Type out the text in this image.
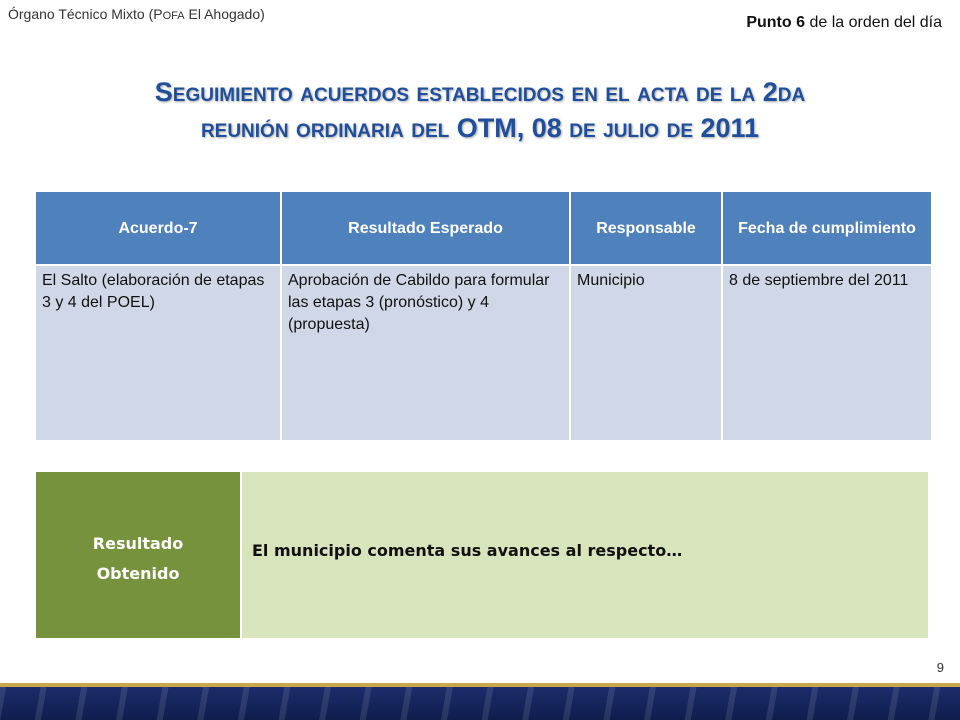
Órgano Técnico Mixto (POFA El Ahogado)	Punto 6 de la orden del día
Seguimiento acuerdos establecidos en el acta de la 2da
reunión ordinaria del OTM, 08 de julio de 2011
Acuerdo-7	Resultado Esperado	Responsable	Fecha de cumplimiento
El Salto (elaboración de etapas 3 y 4 del POEL)	Aprobación de Cabildo para formular las etapas 3 (pronóstico) y 4 (propuesta)	Municipio	8 de septiembre del 2011
Resultado
Obtenido
	El municipio comenta sus avances al respecto…
9
